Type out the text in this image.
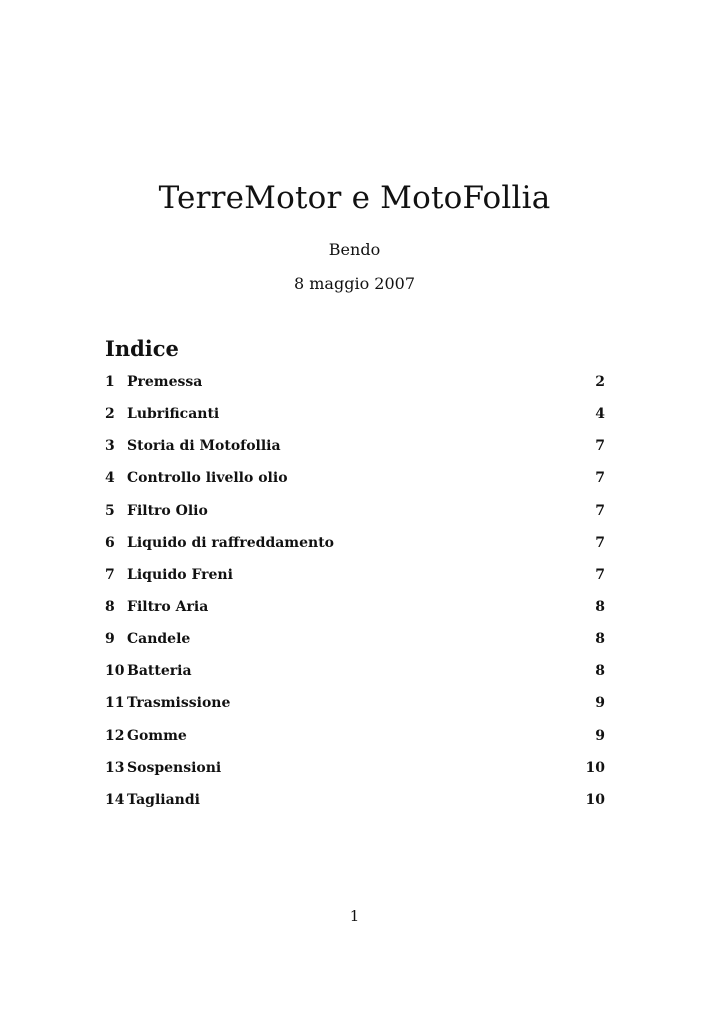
TerreMotor e MotoFollia
Bendo
8 maggio 2007
Indice
1 Premessa	2
2 Lubrificanti	4
3 Storia di Motofollia	7
4 Controllo livello olio	7
5 Filtro Olio	7
6 Liquido di raffreddamento	7
7 Liquido Freni	7
8 Filtro Aria	8
9 Candele	8
10 Batteria	8
11 Trasmissione	9
12 Gomme	9
13 Sospensioni	10
14 Tagliandi	10
1
